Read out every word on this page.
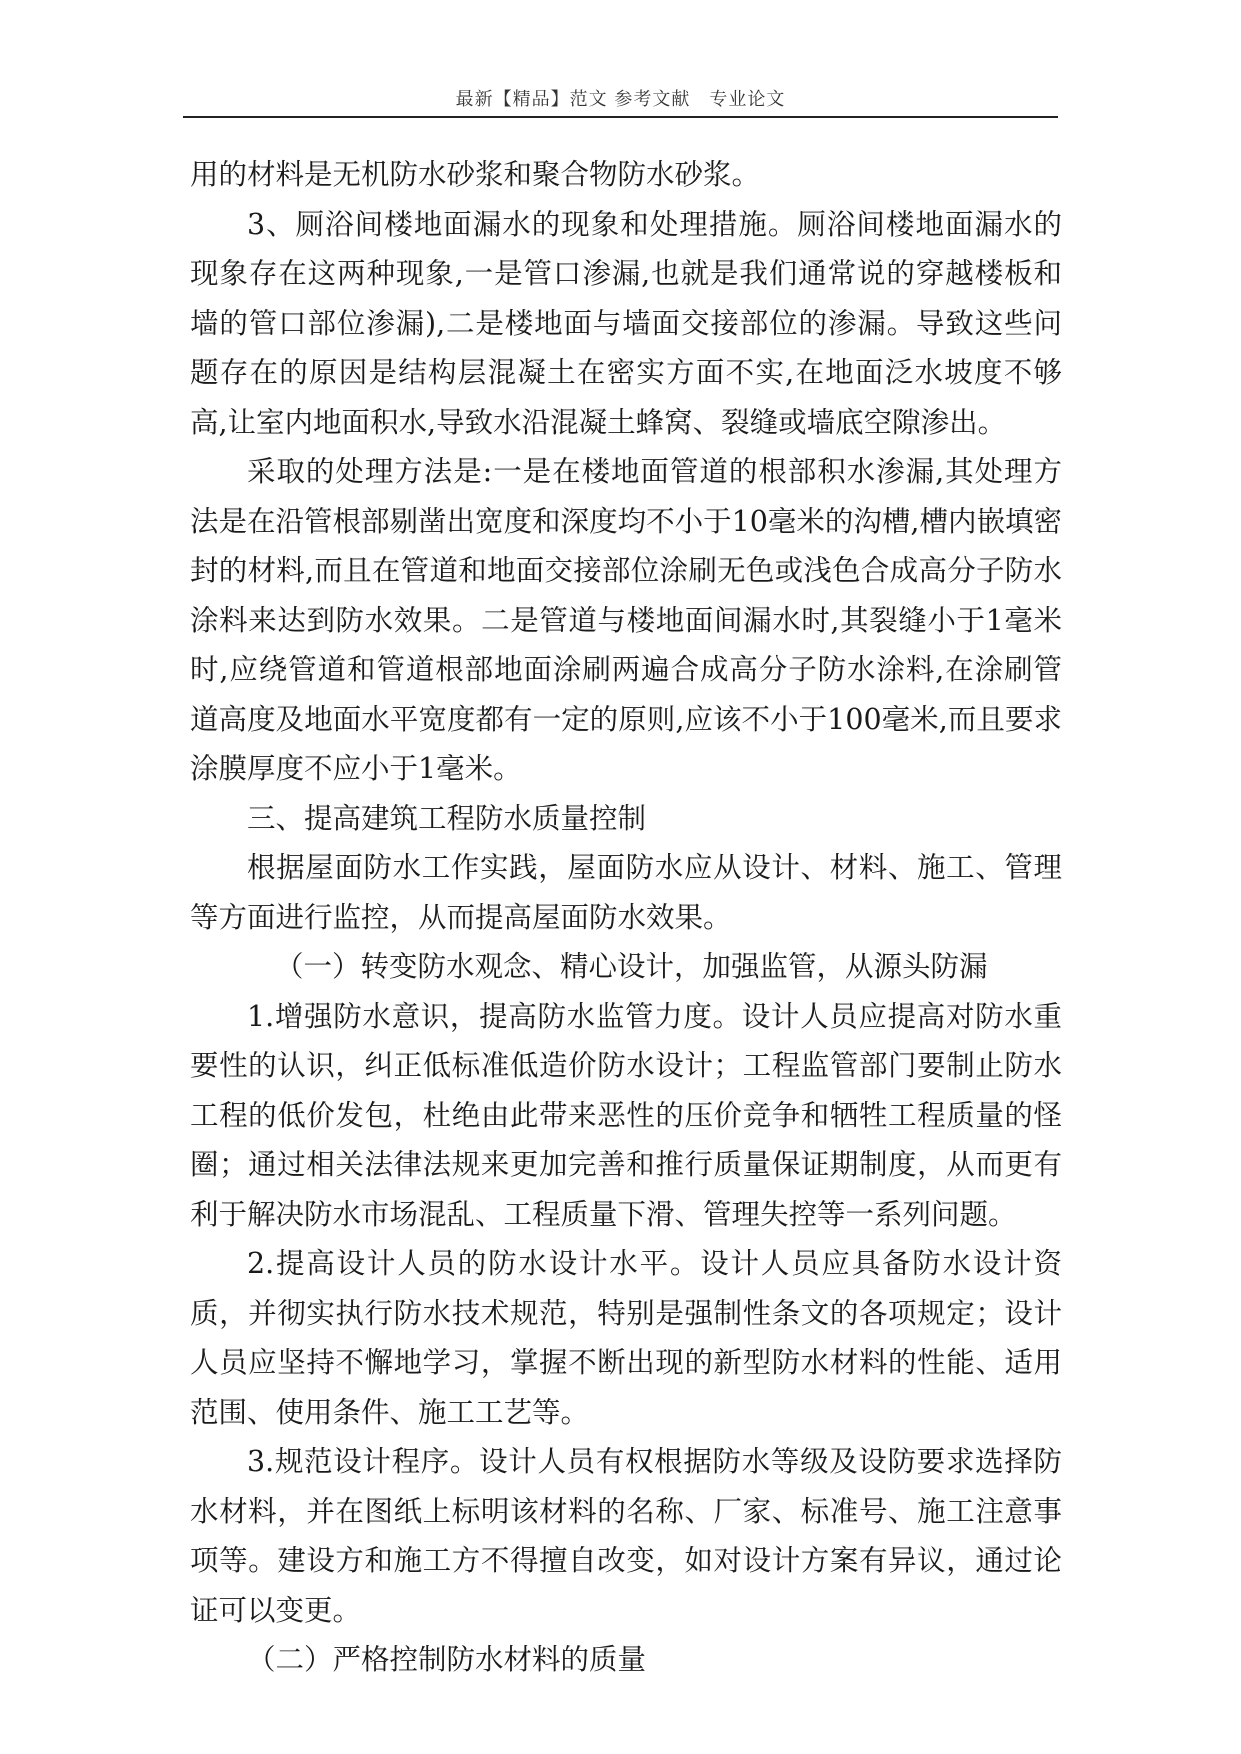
最新【精品】范文 参考文献　专业论文

用的材料是无机防水砂浆和聚合物防水砂浆。

3、厕浴间楼地面漏水的现象和处理措施。厕浴间楼地面漏水的现象存在这两种现象,一是管口渗漏,也就是我们通常说的穿越楼板和墙的管口部位渗漏),二是楼地面与墙面交接部位的渗漏。导致这些问题存在的原因是结构层混凝土在密实方面不实,在地面泛水坡度不够高,让室内地面积水,导致水沿混凝土蜂窝、裂缝或墙底空隙渗出。

采取的处理方法是:一是在楼地面管道的根部积水渗漏,其处理方法是在沿管根部剔凿出宽度和深度均不小于10毫米的沟槽,槽内嵌填密封的材料,而且在管道和地面交接部位涂刷无色或浅色合成高分子防水涂料来达到防水效果。二是管道与楼地面间漏水时,其裂缝小于1毫米时,应绕管道和管道根部地面涂刷两遍合成高分子防水涂料,在涂刷管道高度及地面水平宽度都有一定的原则,应该不小于100毫米,而且要求涂膜厚度不应小于1毫米。

三、提高建筑工程防水质量控制

根据屋面防水工作实践，屋面防水应从设计、材料、施工、管理等方面进行监控，从而提高屋面防水效果。

（一）转变防水观念、精心设计，加强监管，从源头防漏

1.增强防水意识，提高防水监管力度。设计人员应提高对防水重要性的认识，纠正低标准低造价防水设计；工程监管部门要制止防水工程的低价发包，杜绝由此带来恶性的压价竞争和牺牲工程质量的怪圈；通过相关法律法规来更加完善和推行质量保证期制度，从而更有利于解决防水市场混乱、工程质量下滑、管理失控等一系列问题。

2.提高设计人员的防水设计水平。设计人员应具备防水设计资质，并彻实执行防水技术规范，特别是强制性条文的各项规定；设计人员应坚持不懈地学习，掌握不断出现的新型防水材料的性能、适用范围、使用条件、施工工艺等。

3.规范设计程序。设计人员有权根据防水等级及设防要求选择防水材料，并在图纸上标明该材料的名称、厂家、标准号、施工注意事项等。建设方和施工方不得擅自改变，如对设计方案有异议，通过论证可以变更。

（二）严格控制防水材料的质量
